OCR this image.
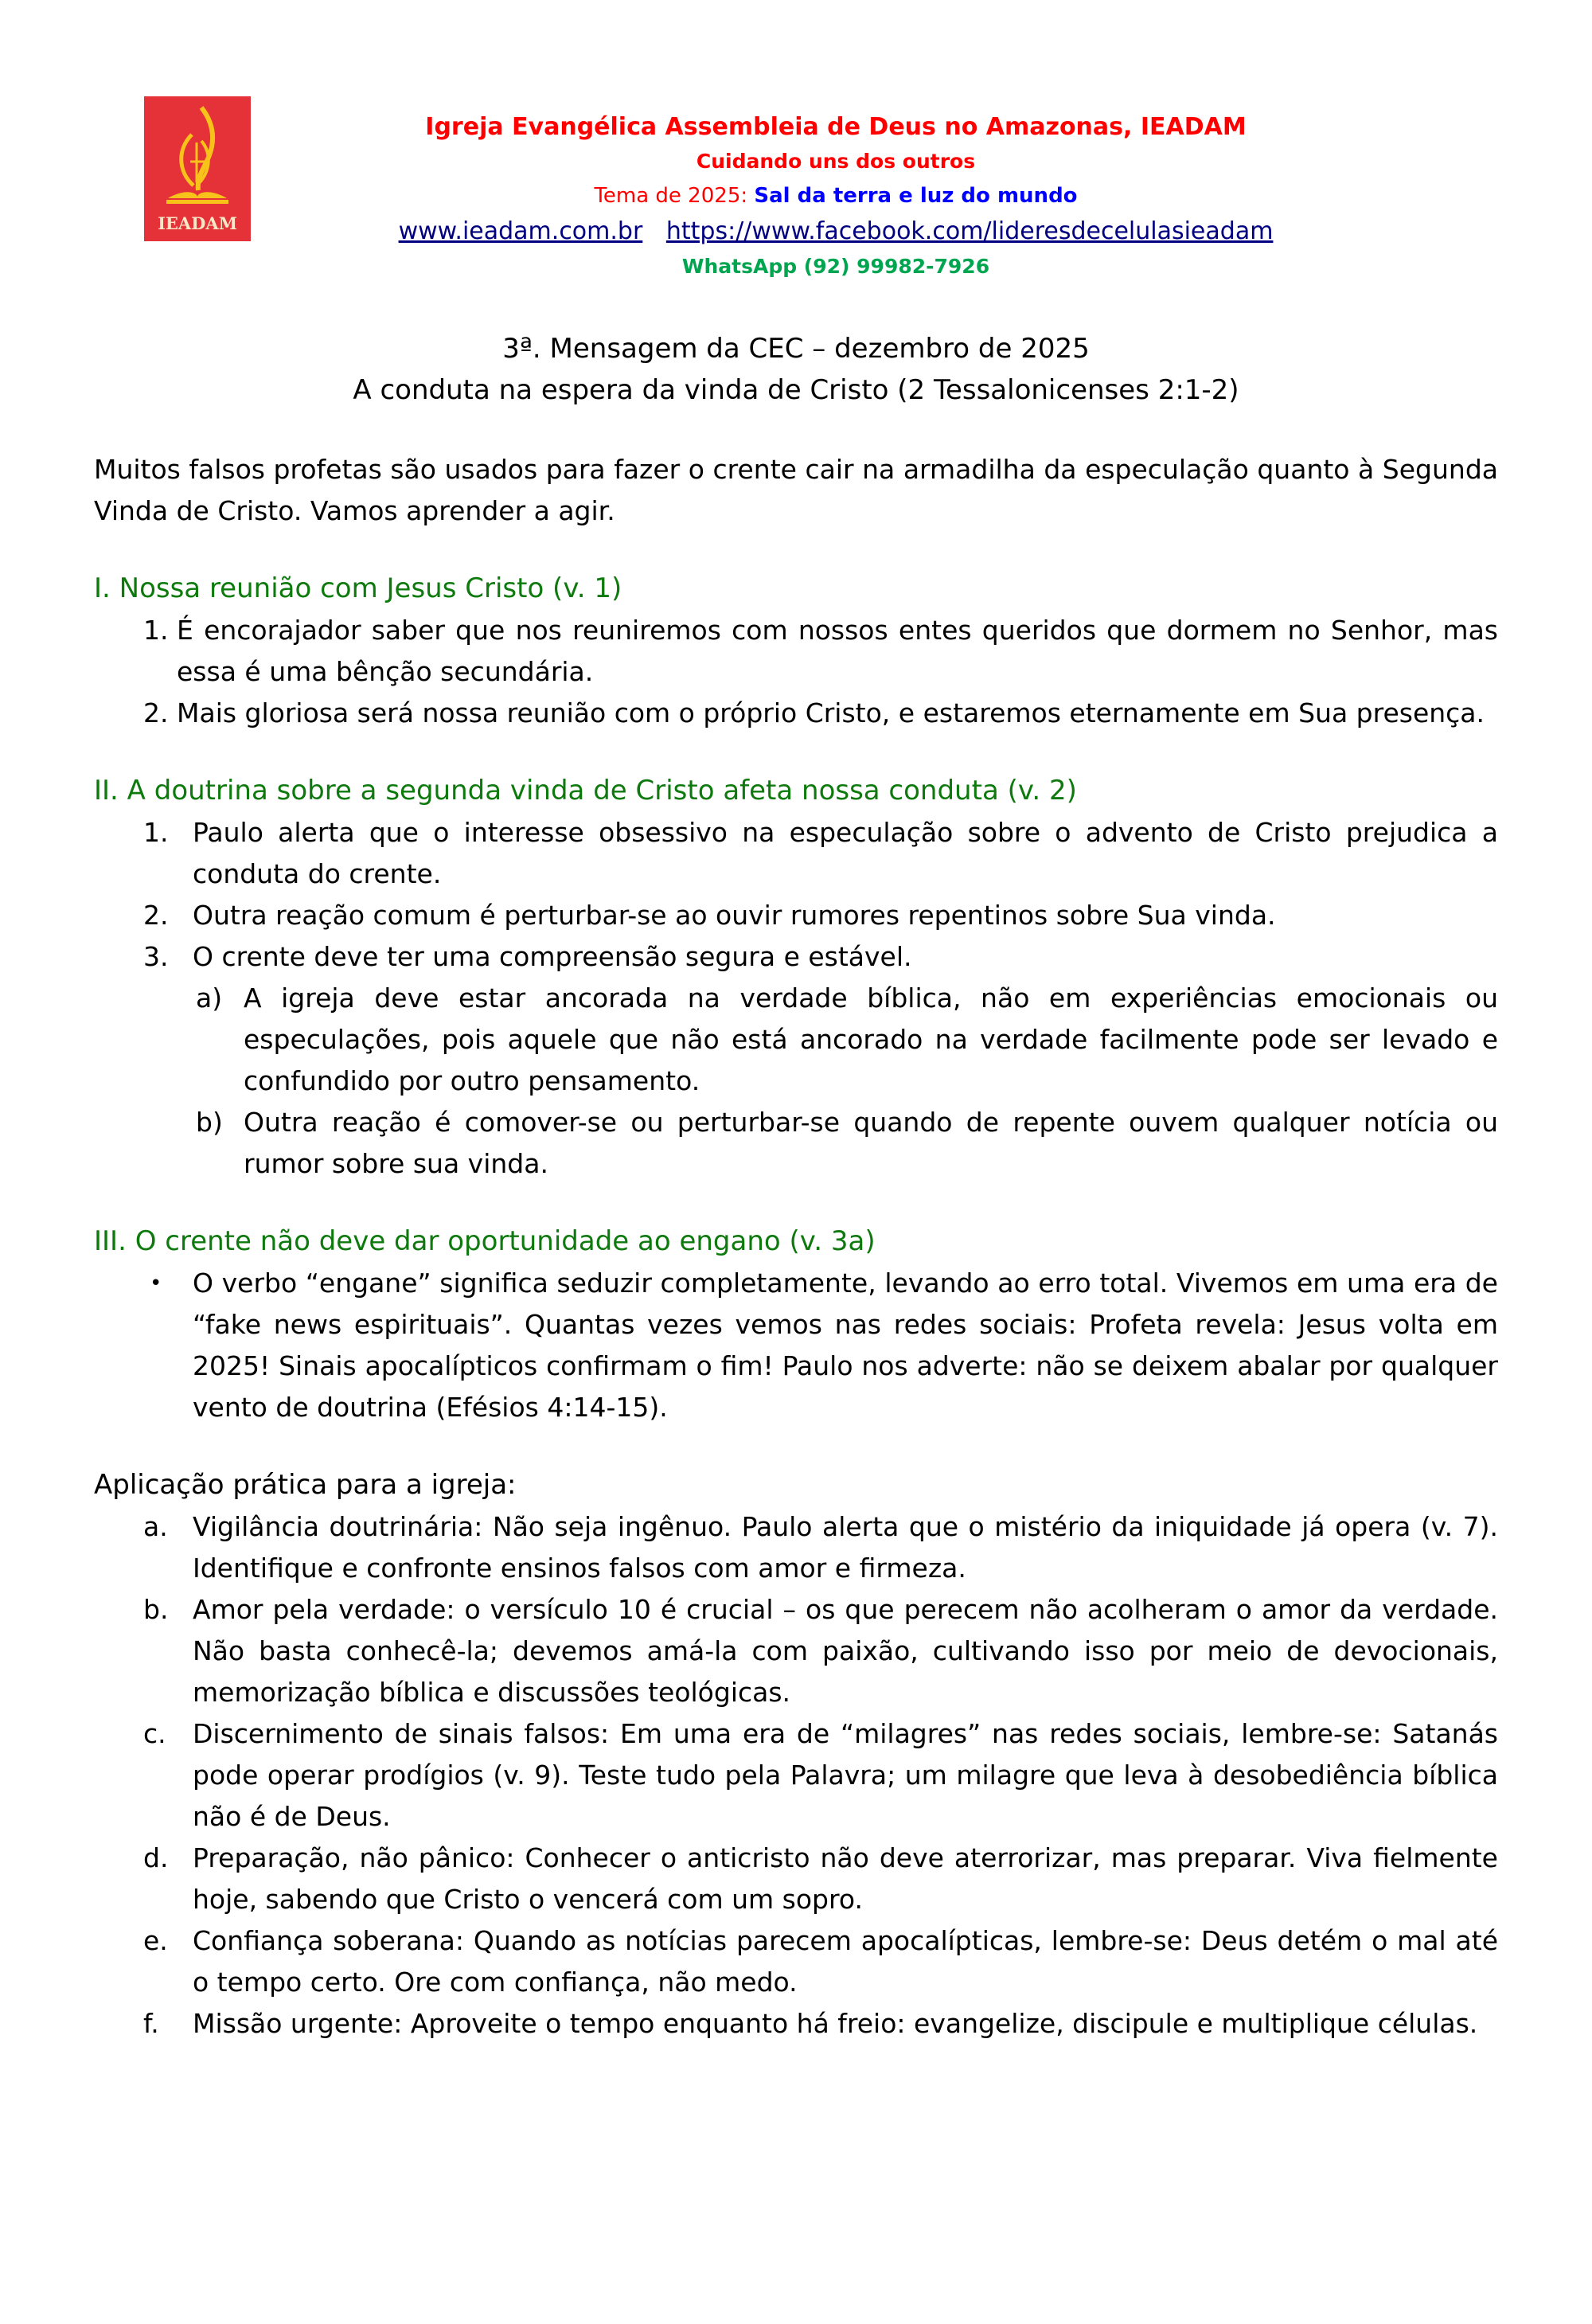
IEADAM
Igreja Evangélica Assembleia de Deus no Amazonas, IEADAM
Cuidando uns dos outros
Tema de 2025: Sal da terra e luz do mundo
www.ieadam.com.br https://www.facebook.com/lideresdecelulasieadam
WhatsApp (92) 99982-7926
3ª. Mensagem da CEC – dezembro de 2025
A conduta na espera da vinda de Cristo (2 Tessalonicenses 2:1-2)
Muitos falsos profetas são usados para fazer o crente cair na armadilha da especulação quanto à Segunda Vinda de Cristo. Vamos aprender a agir.
I. Nossa reunião com Jesus Cristo (v. 1)
1. É encorajador saber que nos reuniremos com nossos entes queridos que dormem no Senhor, mas essa é uma bênção secundária.
2. Mais gloriosa será nossa reunião com o próprio Cristo, e estaremos eternamente em Sua presença.
II. A doutrina sobre a segunda vinda de Cristo afeta nossa conduta (v. 2)
1. Paulo alerta que o interesse obsessivo na especulação sobre o advento de Cristo prejudica a conduta do crente.
2. Outra reação comum é perturbar-se ao ouvir rumores repentinos sobre Sua vinda.
3. O crente deve ter uma compreensão segura e estável.
a) A igreja deve estar ancorada na verdade bíblica, não em experiências emocionais ou especulações, pois aquele que não está ancorado na verdade facilmente pode ser levado e confundido por outro pensamento.
b) Outra reação é comover-se ou perturbar-se quando de repente ouvem qualquer notícia ou rumor sobre sua vinda.
III. O crente não deve dar oportunidade ao engano (v. 3a)
• O verbo “engane” significa seduzir completamente, levando ao erro total. Vivemos em uma era de “fake news espirituais”. Quantas vezes vemos nas redes sociais: Profeta revela: Jesus volta em 2025! Sinais apocalípticos confirmam o fim! Paulo nos adverte: não se deixem abalar por qualquer vento de doutrina (Efésios 4:14-15).
Aplicação prática para a igreja:
a. Vigilância doutrinária: Não seja ingênuo. Paulo alerta que o mistério da iniquidade já opera (v. 7). Identifique e confronte ensinos falsos com amor e firmeza.
b. Amor pela verdade: o versículo 10 é crucial – os que perecem não acolheram o amor da verdade. Não basta conhecê-la; devemos amá-la com paixão, cultivando isso por meio de devocionais, memorização bíblica e discussões teológicas.
c. Discernimento de sinais falsos: Em uma era de “milagres” nas redes sociais, lembre-se: Satanás pode operar prodígios (v. 9). Teste tudo pela Palavra; um milagre que leva à desobediência bíblica não é de Deus.
d. Preparação, não pânico: Conhecer o anticristo não deve aterrorizar, mas preparar. Viva fielmente hoje, sabendo que Cristo o vencerá com um sopro.
e. Confiança soberana: Quando as notícias parecem apocalípticas, lembre-se: Deus detém o mal até o tempo certo. Ore com confiança, não medo.
f. Missão urgente: Aproveite o tempo enquanto há freio: evangelize, discipule e multiplique células.
